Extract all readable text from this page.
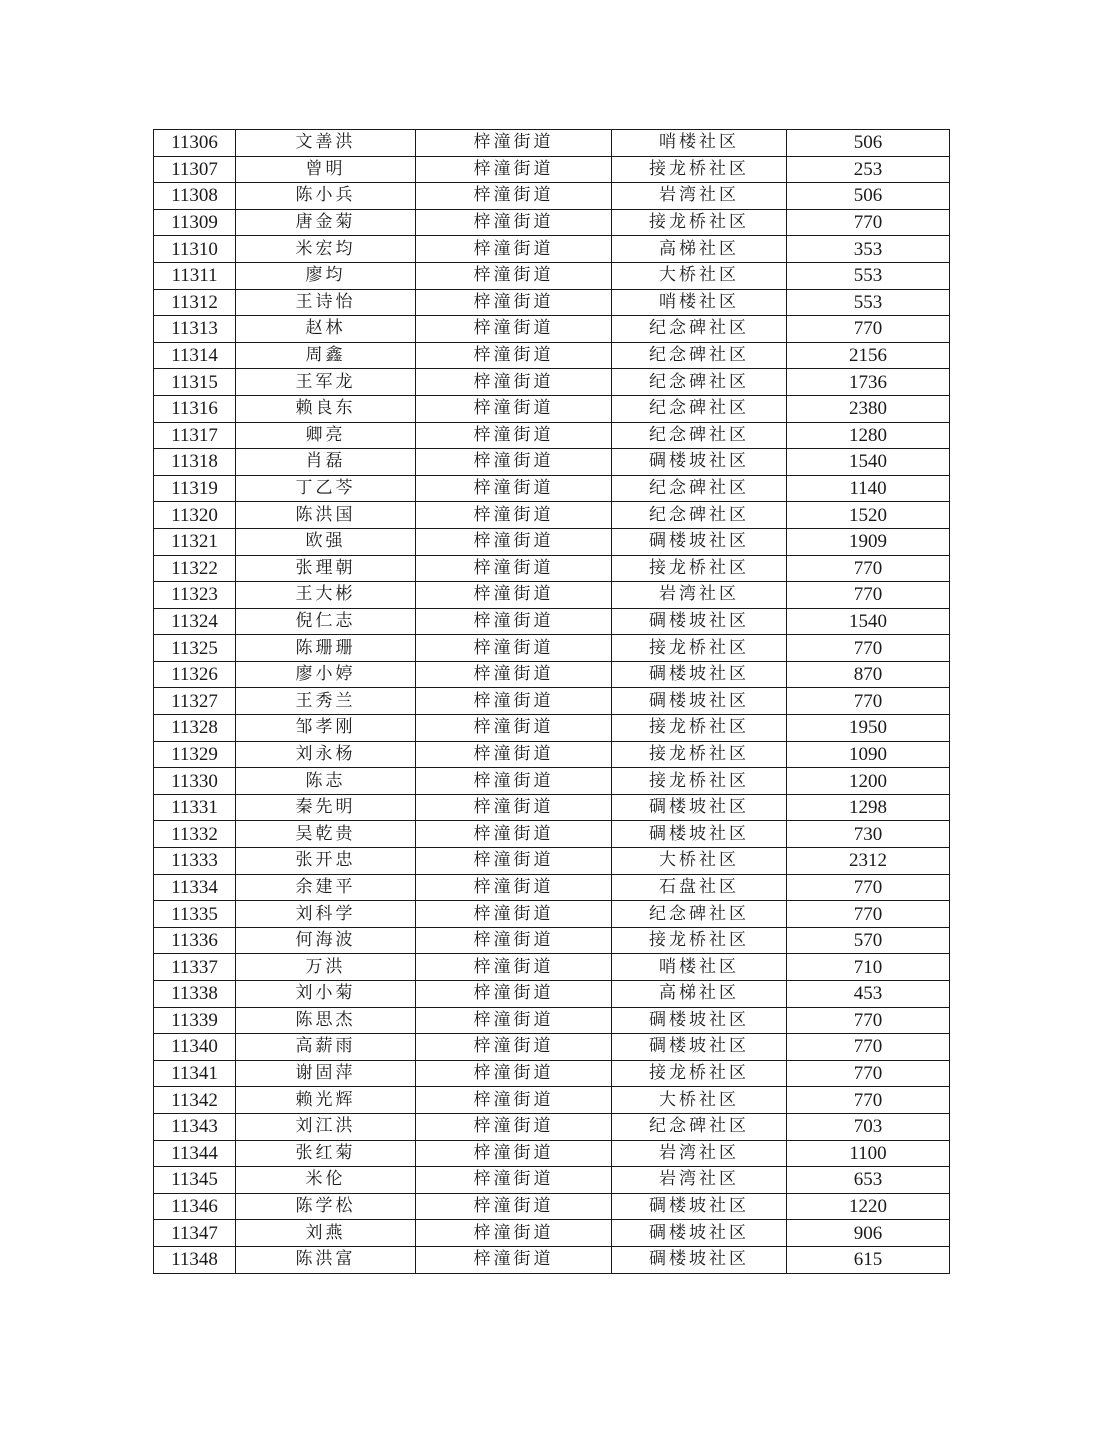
11306	文善洪	梓潼街道	哨楼社区	506
11307	曾明	梓潼街道	接龙桥社区	253
11308	陈小兵	梓潼街道	岩湾社区	506
11309	唐金菊	梓潼街道	接龙桥社区	770
11310	米宏均	梓潼街道	高梯社区	353
11311	廖均	梓潼街道	大桥社区	553
11312	王诗怡	梓潼街道	哨楼社区	553
11313	赵林	梓潼街道	纪念碑社区	770
11314	周鑫	梓潼街道	纪念碑社区	2156
11315	王军龙	梓潼街道	纪念碑社区	1736
11316	赖良东	梓潼街道	纪念碑社区	2380
11317	卿亮	梓潼街道	纪念碑社区	1280
11318	肖磊	梓潼街道	碉楼坡社区	1540
11319	丁乙芩	梓潼街道	纪念碑社区	1140
11320	陈洪国	梓潼街道	纪念碑社区	1520
11321	欧强	梓潼街道	碉楼坡社区	1909
11322	张理朝	梓潼街道	接龙桥社区	770
11323	王大彬	梓潼街道	岩湾社区	770
11324	倪仁志	梓潼街道	碉楼坡社区	1540
11325	陈珊珊	梓潼街道	接龙桥社区	770
11326	廖小婷	梓潼街道	碉楼坡社区	870
11327	王秀兰	梓潼街道	碉楼坡社区	770
11328	邹孝刚	梓潼街道	接龙桥社区	1950
11329	刘永杨	梓潼街道	接龙桥社区	1090
11330	陈志	梓潼街道	接龙桥社区	1200
11331	秦先明	梓潼街道	碉楼坡社区	1298
11332	吴乾贵	梓潼街道	碉楼坡社区	730
11333	张开忠	梓潼街道	大桥社区	2312
11334	余建平	梓潼街道	石盘社区	770
11335	刘科学	梓潼街道	纪念碑社区	770
11336	何海波	梓潼街道	接龙桥社区	570
11337	万洪	梓潼街道	哨楼社区	710
11338	刘小菊	梓潼街道	高梯社区	453
11339	陈思杰	梓潼街道	碉楼坡社区	770
11340	高薪雨	梓潼街道	碉楼坡社区	770
11341	谢固萍	梓潼街道	接龙桥社区	770
11342	赖光辉	梓潼街道	大桥社区	770
11343	刘江洪	梓潼街道	纪念碑社区	703
11344	张红菊	梓潼街道	岩湾社区	1100
11345	米伦	梓潼街道	岩湾社区	653
11346	陈学松	梓潼街道	碉楼坡社区	1220
11347	刘燕	梓潼街道	碉楼坡社区	906
11348	陈洪富	梓潼街道	碉楼坡社区	615
